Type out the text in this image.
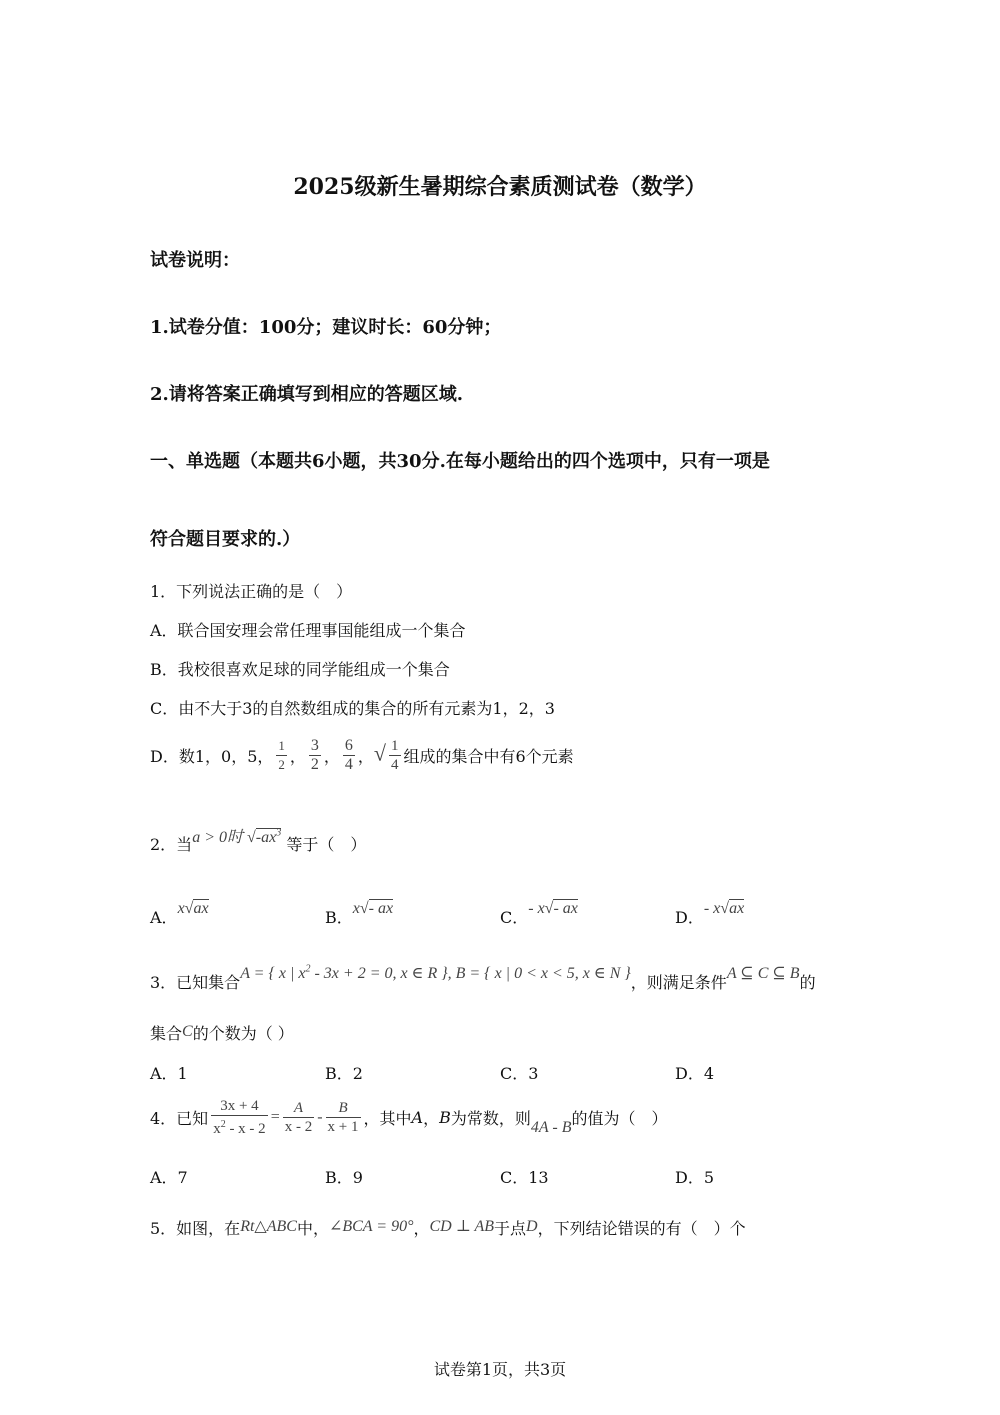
2025级新生暑期综合素质测试卷（数学）
试卷说明：
1.试卷分值：100分；建议时长：60分钟；
2.请将答案正确填写到相应的答题区域.
一、单选题（本题共6小题，共30分.在每小题给出的四个选项中，只有一项是
符合题目要求的.）
1．下列说法正确的是（　）
A．联合国安理会常任理事国能组成一个集合
B．我校很喜欢足球的同学能组成一个集合
C．由不大于3的自然数组成的集合的所有元素为1，2，3
D．数1，0，5， $\frac{1}{2}$ ， $\frac{3}{2}$ ， $\frac{6}{4}$ ，√ $\frac{1}{4}$ 组成的集合中有6个元素
2．当a > 0时 $√-ax^3$ 等于（　）
A．x√ax	B．x√- ax	C．- x√- ax	D．- x√ax
3．已知集合A = { x | $x^2 - 3x + 2 = 0$, x ∈ R }, B = { x | 0 < x < 5, x ∈ N }，则满足条件A ⊆ C ⊆ B的
集合C的个数为（ ）
A．1	B．2	C．3	D．4
4．已知 $\frac{3x + 4}{x^2 - x - 2} = \frac{A}{x - 2} - \frac{B}{x + 1}$ ，其中A，B为常数，则4A - B的值为（　）
A．7	B．9	C．13	D．5
5．如图，在Rt△ABC中，∠BCA = 90°，CD ⊥ AB于点D，下列结论错误的有（　）个
试卷第1页，共3页
